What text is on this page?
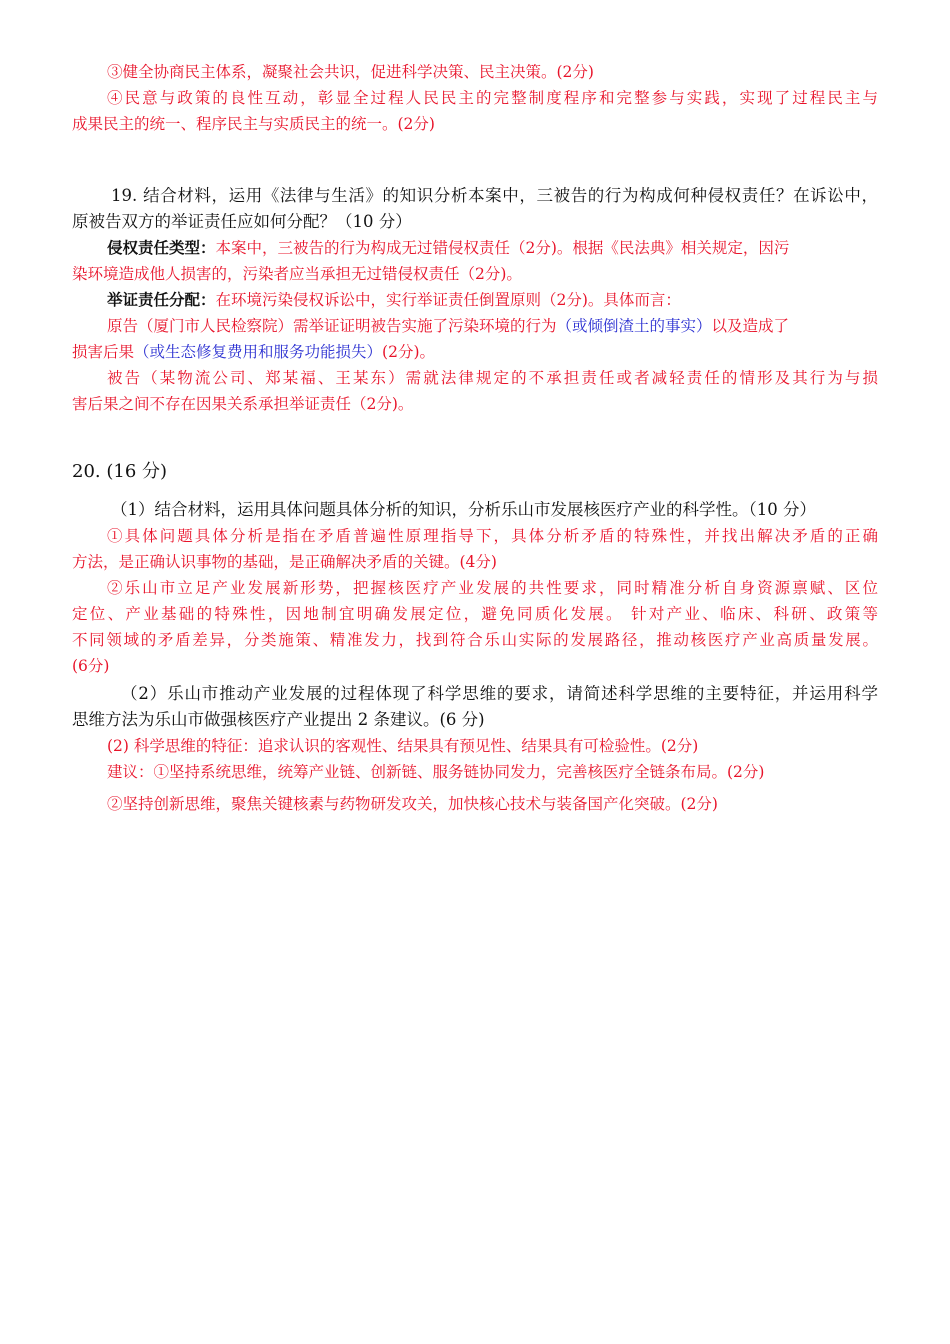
③健全协商民主体系，凝聚社会共识，促进科学决策、民主决策。(2分)
④民意与政策的良性互动，彰显全过程人民民主的完整制度程序和完整参与实践，实现了过程民主与
成果民主的统一、程序民主与实质民主的统一。(2分)
19. 结合材料，运用《法律与生活》的知识分析本案中，三被告的行为构成何种侵权责任？在诉讼中，
原被告双方的举证责任应如何分配？（10 分）
侵权责任类型：本案中，三被告的行为构成无过错侵权责任（2分)。根据《民法典》相关规定，因污
染环境造成他人损害的，污染者应当承担无过错侵权责任（2分)。
举证责任分配：在环境污染侵权诉讼中，实行举证责任倒置原则（2分)。具体而言：
原告（厦门市人民检察院）需举证证明被告实施了污染环境的行为（或倾倒渣土的事实）以及造成了
损害后果（或生态修复费用和服务功能损失）(2分)。
被告（某物流公司、郑某福、王某东）需就法律规定的不承担责任或者减轻责任的情形及其行为与损
害后果之间不存在因果关系承担举证责任（2分)。
20. (16 分)
（1）结合材料，运用具体问题具体分析的知识，分析乐山市发展核医疗产业的科学性。（10 分）
①具体问题具体分析是指在矛盾普遍性原理指导下，具体分析矛盾的特殊性，并找出解决矛盾的正确
方法，是正确认识事物的基础，是正确解决矛盾的关键。(4分)
②乐山市立足产业发展新形势，把握核医疗产业发展的共性要求，同时精准分析自身资源禀赋、区位
定位、产业基础的特殊性，因地制宜明确发展定位，避免同质化发展。 针对产业、临床、科研、政策等
不同领域的矛盾差异，分类施策、精准发力，找到符合乐山实际的发展路径，推动核医疗产业高质量发展。
(6分)
（2）乐山市推动产业发展的过程体现了科学思维的要求，请简述科学思维的主要特征，并运用科学
思维方法为乐山市做强核医疗产业提出 2 条建议。(6 分)
(2) 科学思维的特征：追求认识的客观性、结果具有预见性、结果具有可检验性。(2分)
建议：①坚持系统思维，统筹产业链、创新链、服务链协同发力，完善核医疗全链条布局。(2分)
②坚持创新思维，聚焦关键核素与药物研发攻关，加快核心技术与装备国产化突破。(2分)
